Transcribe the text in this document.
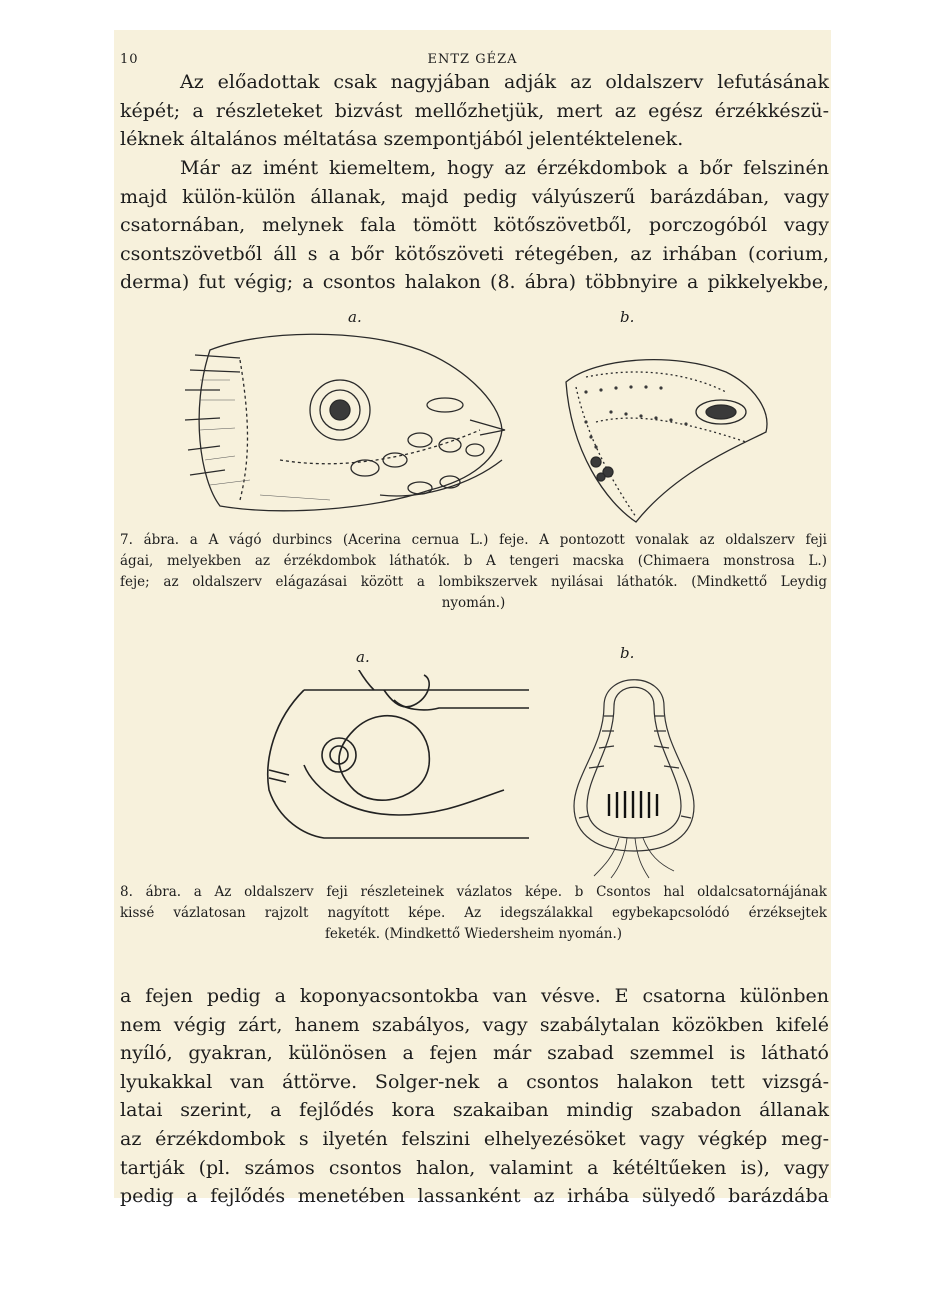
10	ENTZ GÉZA
Az előadottak csak nagyjában adják az oldalszerv lefutásának
képét; a részleteket bizvást mellőzhetjük, mert az egész érzékkészü-
léknek általános méltatása szempontjából jelentéktelenek.
Már az imént kiemeltem, hogy az érzékdombok a bőr felszinén
majd külön-külön állanak, majd pedig vályúszerű barázdában, vagy
csatornában, melynek fala tömött kötőszövetből, porczogóból vagy
csontszövetből áll s a bőr kötőszöveti rétegében, az irhában (corium,
derma) fut végig; a csontos halakon (8. ábra) többnyire a pikkelyekbe,
a.	b.
7. ábra. a A vágó durbincs (Acerina cernua L.) feje. A pontozott vonalak az oldalszerv feji
ágai, melyekben az érzékdombok láthatók. b A tengeri macska (Chimaera monstrosa L.)
feje; az oldalszerv elágazásai között a lombikszervek nyilásai láthatók. (Mindkettő Leydig
nyomán.)
a.	b.
8. ábra. a Az oldalszerv feji részleteinek vázlatos képe. b Csontos hal oldalcsatornájának
kissé vázlatosan rajzolt nagyított képe. Az idegszálakkal egybekapcsolódó érzéksejtek
feketék. (Mindkettő Wiedersheim nyomán.)
a fejen pedig a koponyacsontokba van vésve. E csatorna különben
nem végig zárt, hanem szabályos, vagy szabálytalan közökben kifelé
nyíló, gyakran, különösen a fejen már szabad szemmel is látható
lyukakkal van áttörve. Solger-nek a csontos halakon tett vizsgá-
latai szerint, a fejlődés kora szakaiban mindig szabadon állanak
az érzékdombok s ilyetén felszini elhelyezésöket vagy végkép meg-
tartják (pl. számos csontos halon, valamint a kétéltűeken is), vagy
pedig a fejlődés menetében lassanként az irhába sülyedő barázdába
